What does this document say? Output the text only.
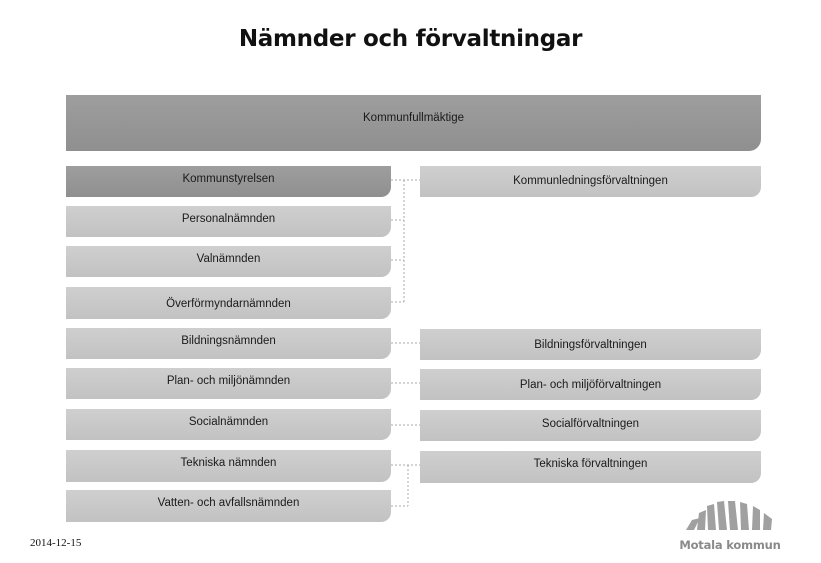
Nämnder och förvaltningar
Kommunfullmäktige
Kommunstyrelsen
Personalnämnden
Valnämnden
Överförmyndarnämnden
Bildningsnämnden
Plan- och miljönämnden
Socialnämnden
Tekniska nämnden
Vatten- och avfallsnämnden
Kommunledningsförvaltningen
Bildningsförvaltningen
Plan- och miljöförvaltningen
Socialförvaltningen
Tekniska förvaltningen
2014-12-15	Motala kommun
